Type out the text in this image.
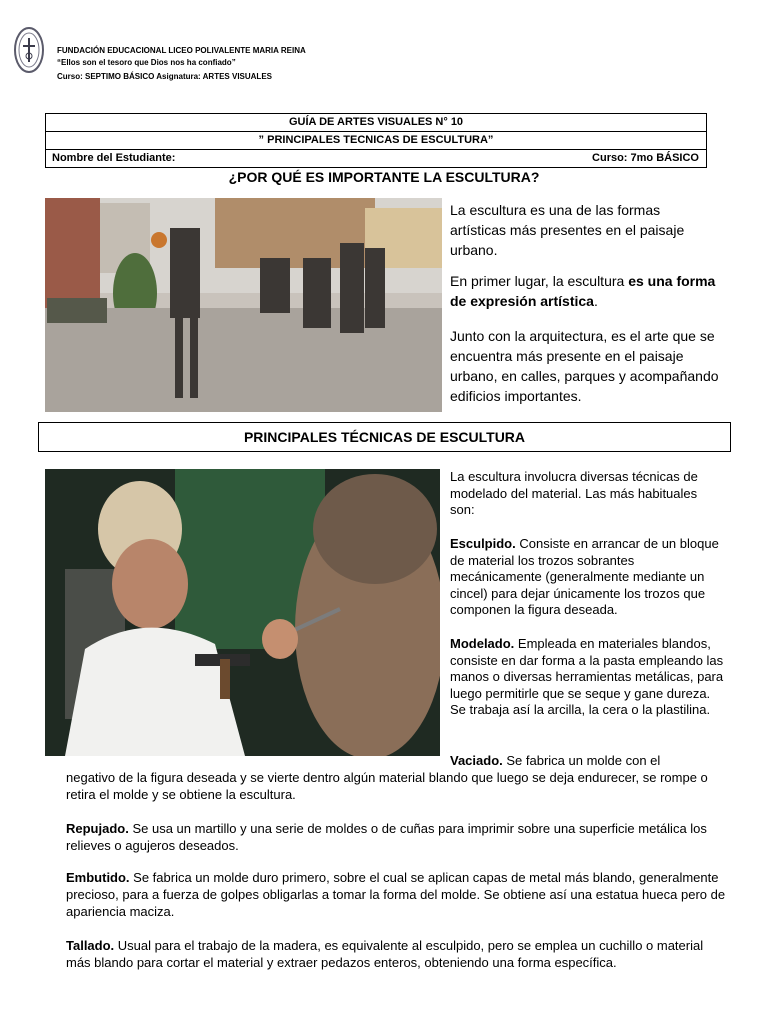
FUNDACIÓN EDUCACIONAL LICEO POLIVALENTE MARIA REINA
“Ellos son el tesoro que Dios nos ha confiado”
Curso: SEPTIMO BÁSICO Asignatura: ARTES VISUALES
GUÍA DE ARTES VISUALES N° 10
” PRINCIPALES TECNICAS DE ESCULTURA”
Nombre del Estudiante:	Curso: 7mo BÁSICO
¿POR QUÉ ES IMPORTANTE LA ESCULTURA?
La escultura es una de las formas artísticas más presentes en el paisaje urbano.
En primer lugar, la escultura es una forma de expresión artística.
Junto con la arquitectura, es el arte que se encuentra más presente en el paisaje urbano, en calles, parques y acompañando edificios importantes.
PRINCIPALES TÉCNICAS DE ESCULTURA
La escultura involucra diversas técnicas de modelado del material. Las más habituales son:
Esculpido. Consiste en arrancar de un bloque de material los trozos sobrantes mecánicamente (generalmente mediante un cincel) para dejar únicamente los trozos que componen la figura deseada.
Modelado. Empleada en materiales blandos, consiste en dar forma a la pasta empleando las manos o diversas herramientas metálicas, para luego permitirle que se seque y gane dureza. Se trabaja así la arcilla, la cera o la plastilina.
Vaciado. Se fabrica un molde con el
negativo de la figura deseada y se vierte dentro algún material blando que luego se deja endurecer, se rompe o retira el molde y se obtiene la escultura.
Repujado. Se usa un martillo y una serie de moldes o de cuñas para imprimir sobre una superficie metálica los relieves o agujeros deseados.
Embutido. Se fabrica un molde duro primero, sobre el cual se aplican capas de metal más blando, generalmente precioso, para a fuerza de golpes obligarlas a tomar la forma del molde. Se obtiene así una estatua hueca pero de apariencia maciza.
Tallado. Usual para el trabajo de la madera, es equivalente al esculpido, pero se emplea un cuchillo o material más blando para cortar el material y extraer pedazos enteros, obteniendo una forma específica.
